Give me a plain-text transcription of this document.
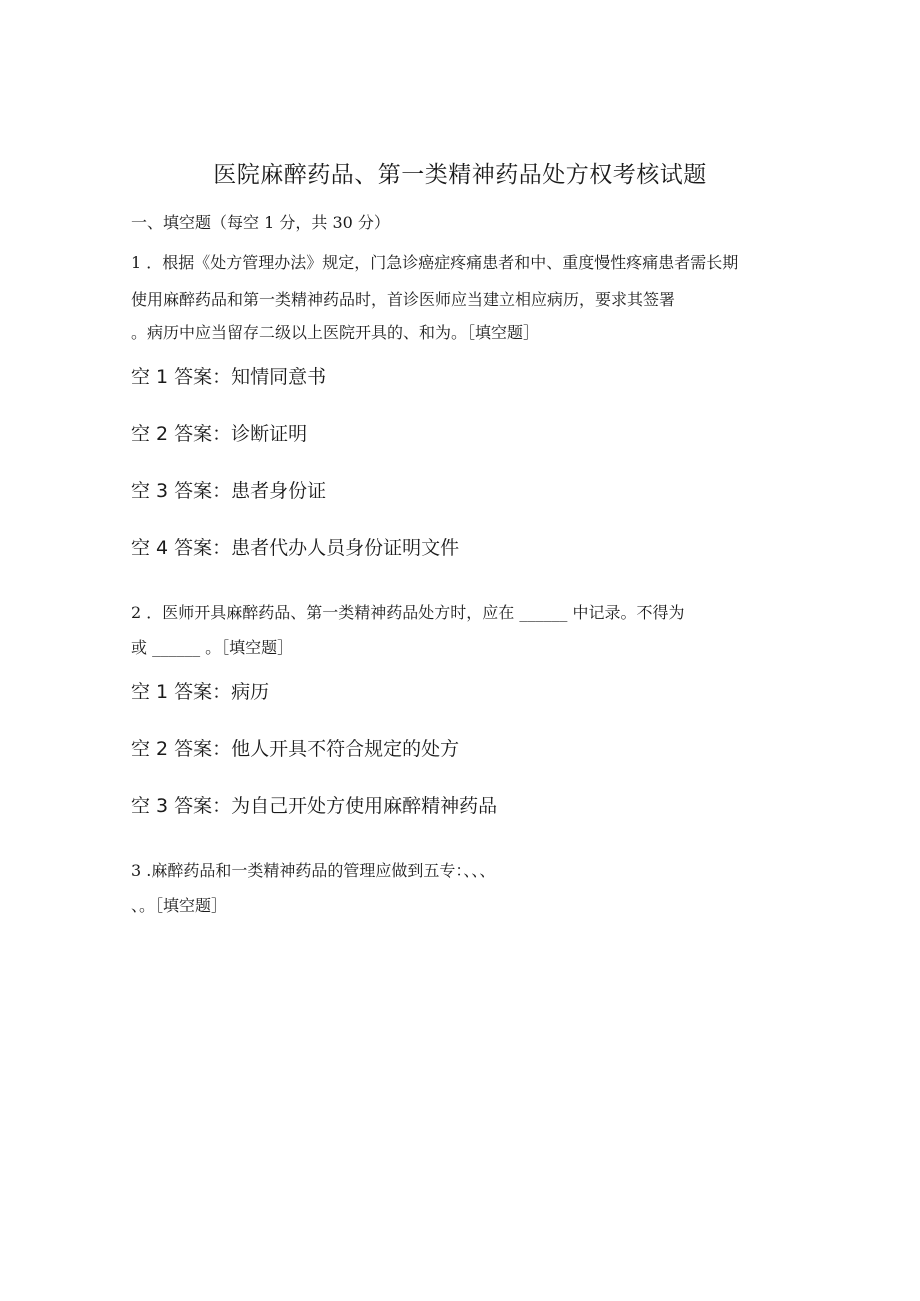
医院麻醉药品、第一类精神药品处方权考核试题
一、填空题（每空 1 分，共 30 分）
1 ．根据《处方管理办法》规定，门急诊癌症疼痛患者和中、重度慢性疼痛患者需长期
使用麻醉药品和第一类精神药品时，首诊医师应当建立相应病历，要求其签署
。病历中应当留存二级以上医院开具的、和为。［填空题］
空 1 答案：知情同意书
空 2 答案：诊断证明
空 3 答案：患者身份证
空 4 答案：患者代办人员身份证明文件
2 ．医师开具麻醉药品、第一类精神药品处方时，应在 ______ 中记录。不得为
或 ______ 。［填空题］
空 1 答案：病历
空 2 答案：他人开具不符合规定的处方
空 3 答案：为自己开处方使用麻醉精神药品
3 .麻醉药品和一类精神药品的管理应做到五专：、、、
、。［填空题］
